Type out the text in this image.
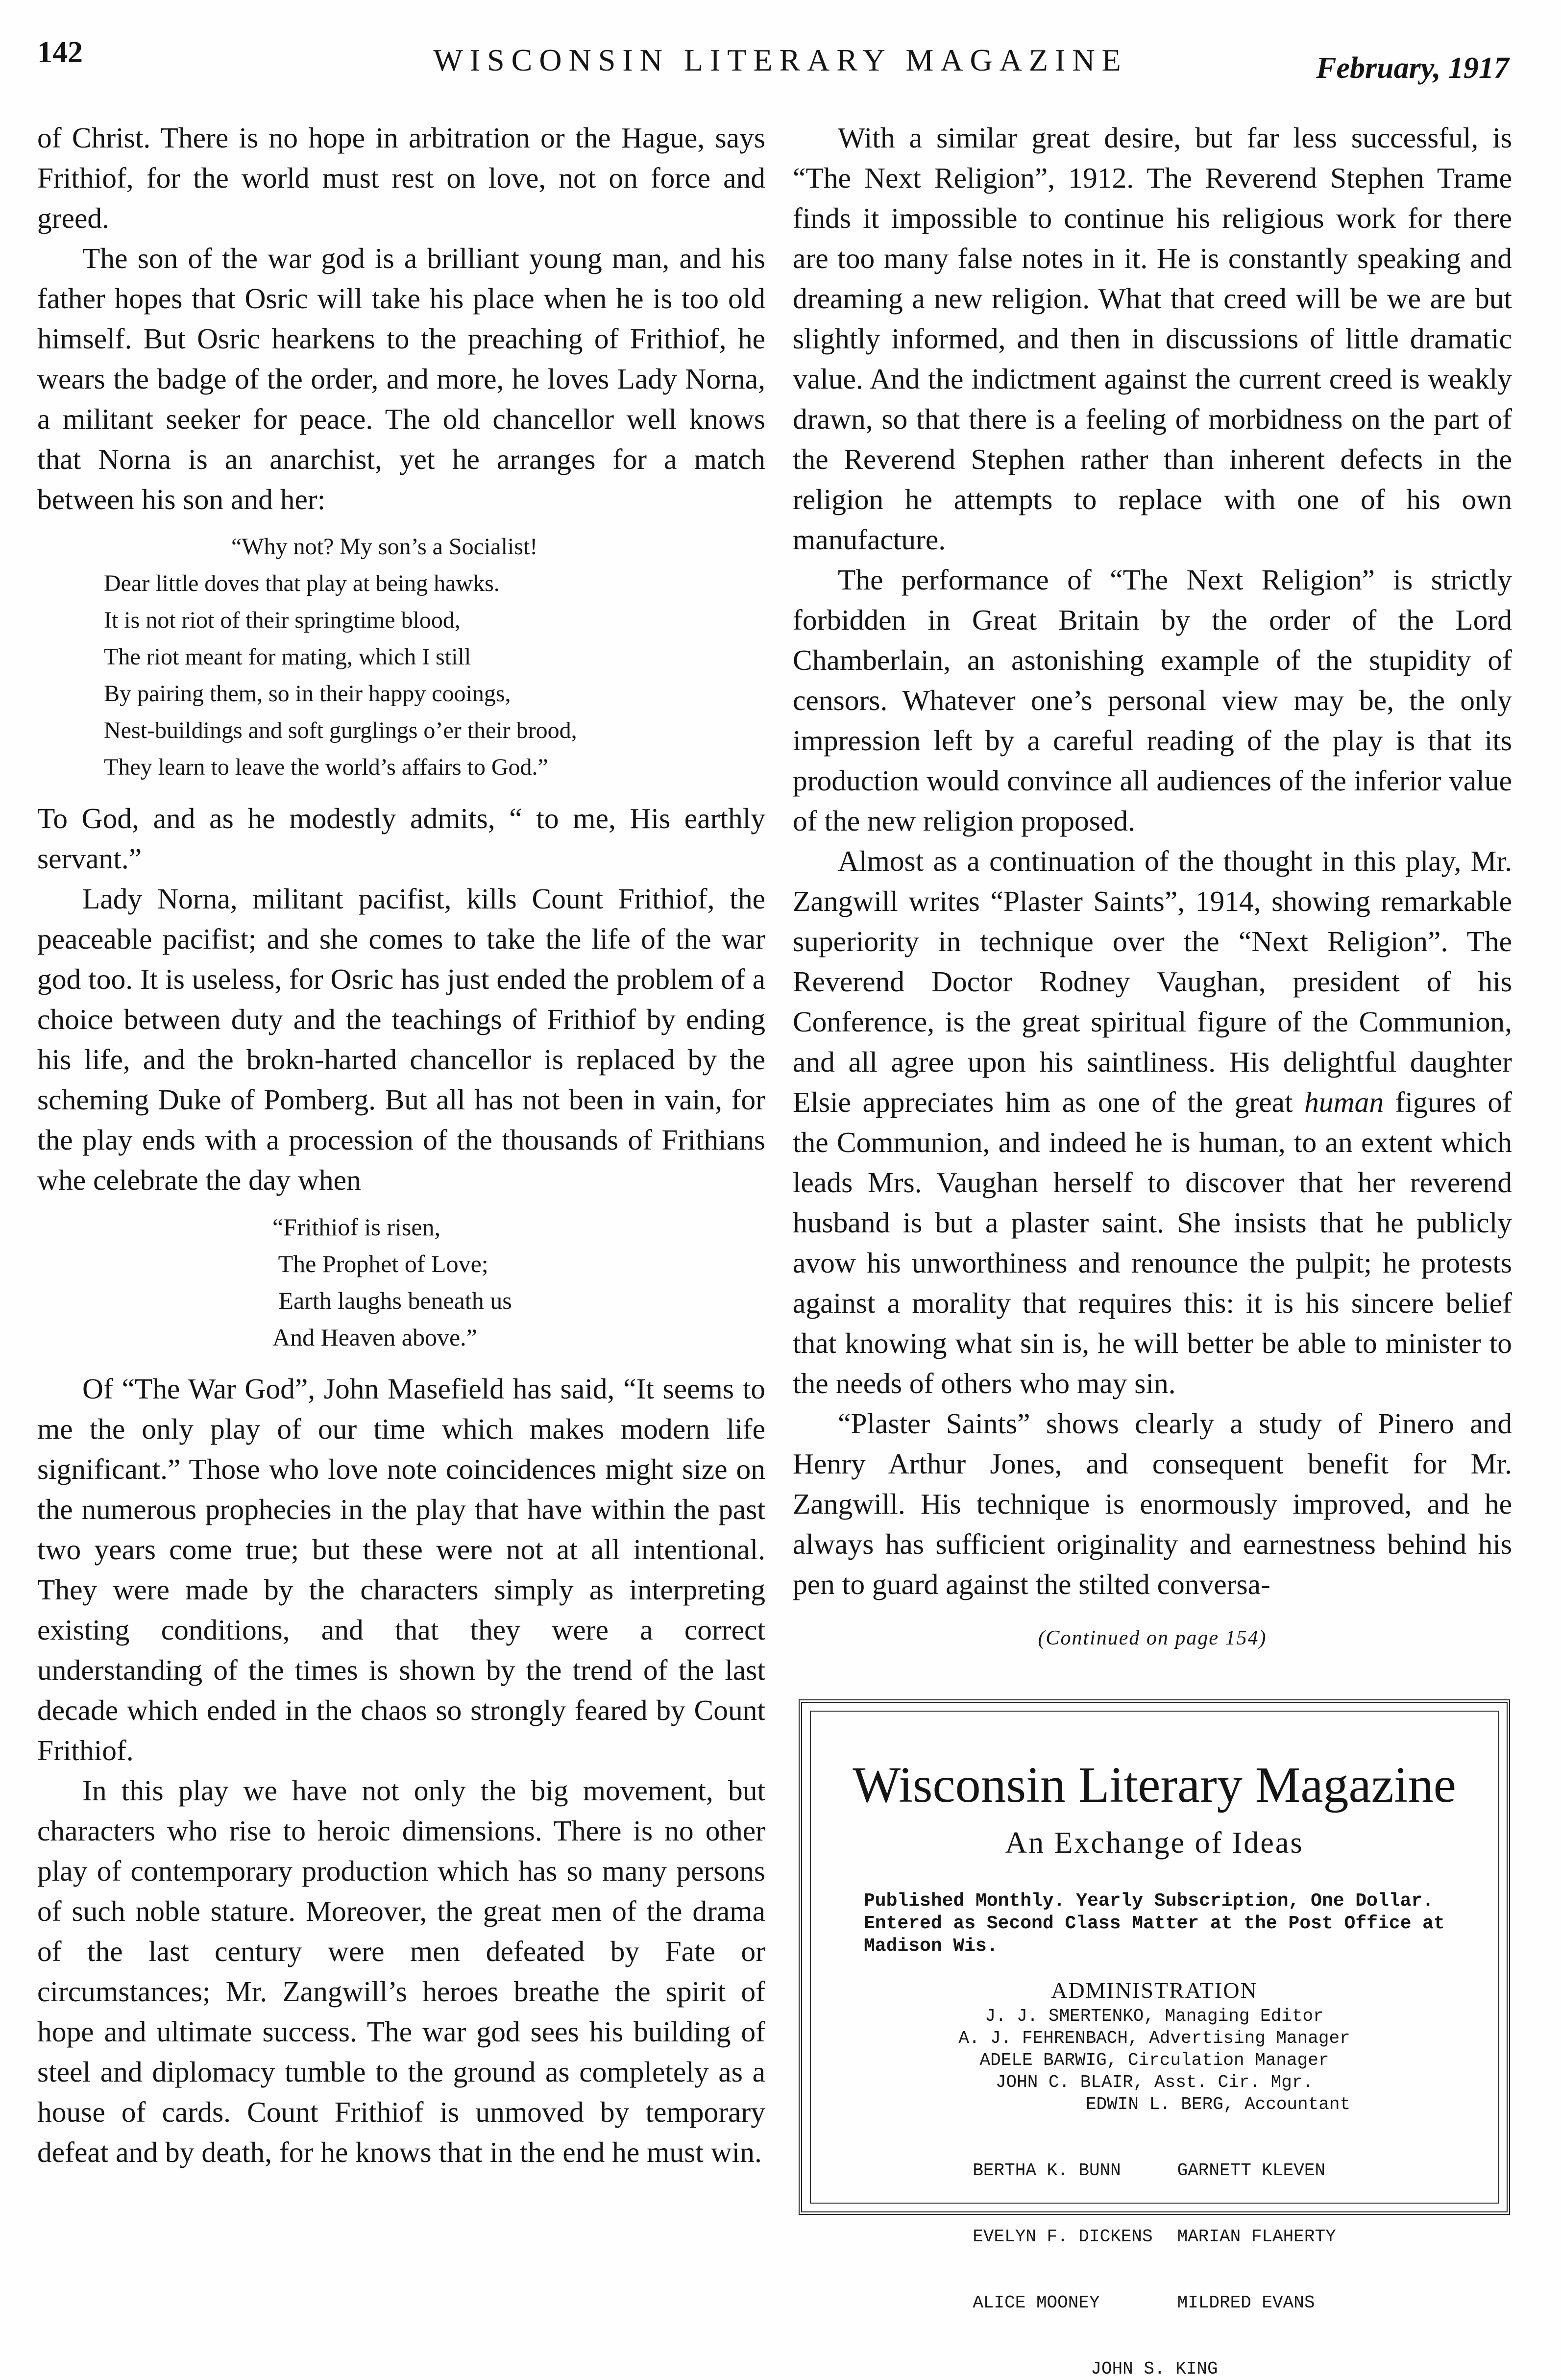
142	WISCONSIN LITERARY MAGAZINE	February, 1917

of Christ. There is no hope in arbitration or the Hague, says Frithiof, for the world must rest on love, not on force and greed.

The son of the war god is a brilliant young man, and his father hopes that Osric will take his place when he is too old himself. But Osric hearkens to the preaching of Frithiof, he wears the badge of the order, and more, he loves Lady Norna, a militant seeker for peace. The old chancellor well knows that Norna is an anarchist, yet he arranges for a match between his son and her:

“Why not? My son’s a Socialist!
Dear little doves that play at being hawks.
It is not riot of their springtime blood,
The riot meant for mating, which I still
By pairing them, so in their happy cooings,
Nest-buildings and soft gurglings o’er their brood,
They learn to leave the world’s affairs to God.”

To God, and as he modestly admits, “ to me, His earthly servant.”

Lady Norna, militant pacifist, kills Count Frithiof, the peaceable pacifist; and she comes to take the life of the war god too. It is useless, for Osric has just ended the problem of a choice between duty and the teachings of Frithiof by ending his life, and the brokn-harted chancellor is replaced by the scheming Duke of Pomberg. But all has not been in vain, for the play ends with a procession of the thousands of Frithians whe celebrate the day when

“Frithiof is risen,
The Prophet of Love;
Earth laughs beneath us
And Heaven above.”

Of “The War God”, John Masefield has said, “It seems to me the only play of our time which makes modern life significant.” Those who love note coincidences might size on the numerous prophecies in the play that have within the past two years come true; but these were not at all intentional. They were made by the characters simply as interpreting existing conditions, and that they were a correct understanding of the times is shown by the trend of the last decade which ended in the chaos so strongly feared by Count Frithiof.

In this play we have not only the big movement, but characters who rise to heroic dimensions. There is no other play of contemporary production which has so many persons of such noble stature. Moreover, the great men of the drama of the last century were men defeated by Fate or circumstances; Mr. Zangwill’s heroes breathe the spirit of hope and ultimate success. The war god sees his building of steel and diplomacy tumble to the ground as completely as a house of cards. Count Frithiof is unmoved by temporary defeat and by death, for he knows that in the end he must win.

With a similar great desire, but far less successful, is “The Next Religion”, 1912. The Reverend Stephen Trame finds it impossible to continue his religious work for there are too many false notes in it. He is constantly speaking and dreaming a new religion. What that creed will be we are but slightly informed, and then in discussions of little dramatic value. And the indictment against the current creed is weakly drawn, so that there is a feeling of morbidness on the part of the Reverend Stephen rather than inherent defects in the religion he attempts to replace with one of his own manufacture.

The performance of “The Next Religion” is strictly forbidden in Great Britain by the order of the Lord Chamberlain, an astonishing example of the stupidity of censors. Whatever one’s personal view may be, the only impression left by a careful reading of the play is that its production would convince all audiences of the inferior value of the new religion proposed.

Almost as a continuation of the thought in this play, Mr. Zangwill writes “Plaster Saints”, 1914, showing remarkable superiority in technique over the “Next Religion”. The Reverend Doctor Rodney Vaughan, president of his Conference, is the great spiritual figure of the Communion, and all agree upon his saintliness. His delightful daughter Elsie appreciates him as one of the great human figures of the Communion, and indeed he is human, to an extent which leads Mrs. Vaughan herself to discover that her reverend husband is but a plaster saint. She insists that he publicly avow his unworthiness and renounce the pulpit; he protests against a morality that requires this: it is his sincere belief that knowing what sin is, he will better be able to minister to the needs of others who may sin.

“Plaster Saints” shows clearly a study of Pinero and Henry Arthur Jones, and consequent benefit for Mr. Zangwill. His technique is enormously improved, and he always has sufficient originality and earnestness behind his pen to guard against the stilted conversa-

(Continued on page 154)
Wisconsin Literary Magazine
An Exchange of Ideas
Published Monthly. Yearly Subscription, One Dollar. Entered as Second Class Matter at the Post Office at Madison Wis.
ADMINISTRATION
J. J. SMERTENKO, Managing Editor
A. J. FEHRENBACH, Advertising Manager
ADELE BARWIG, Circulation Manager
JOHN C. BLAIR, Asst. Cir. Mgr.
EDWIN L. BERG, Accountant

BERTHA K. BUNN

EVELYN F. DICKENS

ALICE MOONEY

GARNETT KLEVEN

MARIAN FLAHERTY

MILDRED EVANS

JOHN S. KING
